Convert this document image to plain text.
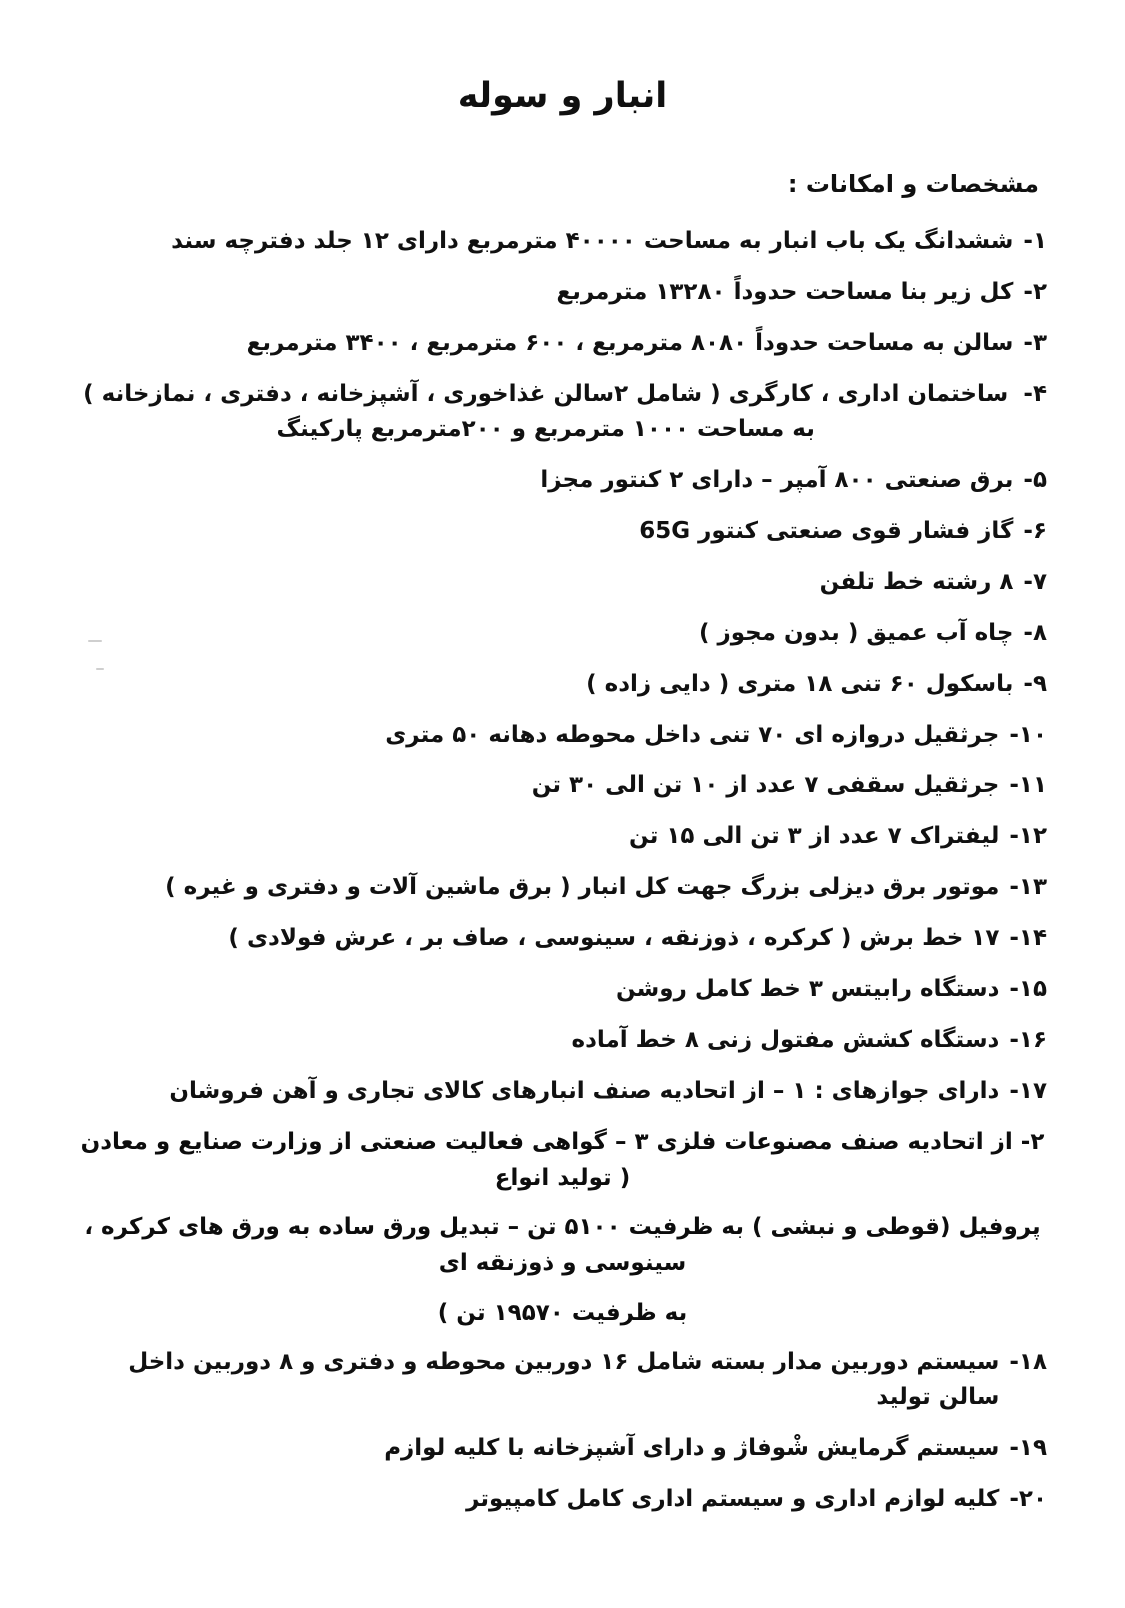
انبار و سوله
مشخصات و امکانات :
۱-
ششدانگ یک باب انبار به مساحت ۴۰۰۰۰ مترمربع دارای ۱۲ جلد دفترچه سند
۲-
کل زیر بنا مساحت حدوداً ۱۳۲۸۰ مترمربع
۳-
سالن به مساحت حدوداً ۸۰۸۰ مترمربع ، ۶۰۰ مترمربع ، ۳۴۰۰ مترمربع
۴-
ساختمان اداری ، کارگری ( شامل ۲سالن غذاخوری ، آشپزخانه ، دفتری ، نمازخانه ) به مساحت ۱۰۰۰ مترمربع و ۲۰۰مترمربع پارکینگ
۵-
برق صنعتی ۸۰۰ آمپر – دارای ۲ کنتور مجزا
۶-
گاز فشار قوی صنعتی کنتور 65G
۷-
۸ رشته خط تلفن
۸-
چاه آب عمیق ( بدون مجوز )
۹-
باسکول ۶۰ تنی ۱۸ متری ( دایی زاده )
۱۰-
جرثقیل دروازه ای ۷۰ تنی داخل محوطه دهانه ۵۰ متری
۱۱-
جرثقیل سقفی ۷ عدد از ۱۰ تن الی ۳۰ تن
۱۲-
لیفتراک ۷ عدد از ۳ تن الی ۱۵ تن
۱۳-
موتور برق دیزلی بزرگ جهت کل انبار ( برق ماشین آلات و دفتری و غیره )
۱۴-
۱۷ خط برش ( کرکره ، ذوزنقه ، سینوسی ، صاف بر ، عرش فولادی )
۱۵-
دستگاه رابیتس ۳ خط کامل روشن
۱۶-
دستگاه کشش مفتول زنی ۸ خط آماده
۱۷-
دارای جوازهای : ۱ – از اتحادیه صنف انبارهای کالای تجاری و آهن فروشان
۲- از اتحادیه صنف مصنوعات فلزی ۳ – گواهی فعالیت صنعتی از وزارت صنایع و معادن ( تولید انواع
پروفیل (قوطی و نبشی ) به ظرفیت ۵۱۰۰ تن – تبدیل ورق ساده به ورق های کرکره ، سینوسی و ذوزنقه ای
به ظرفیت ۱۹۵۷۰ تن )
۱۸-
سیستم دوربین مدار بسته شامل ۱۶ دوربین محوطه و دفتری و ۸ دوربین داخل سالن تولید
۱۹-
سیستم گرمایش شْوفاژ و دارای آشپزخانه با کلیه لوازم
۲۰-
کلیه لوازم اداری و سیستم اداری کامل کامپیوتر
